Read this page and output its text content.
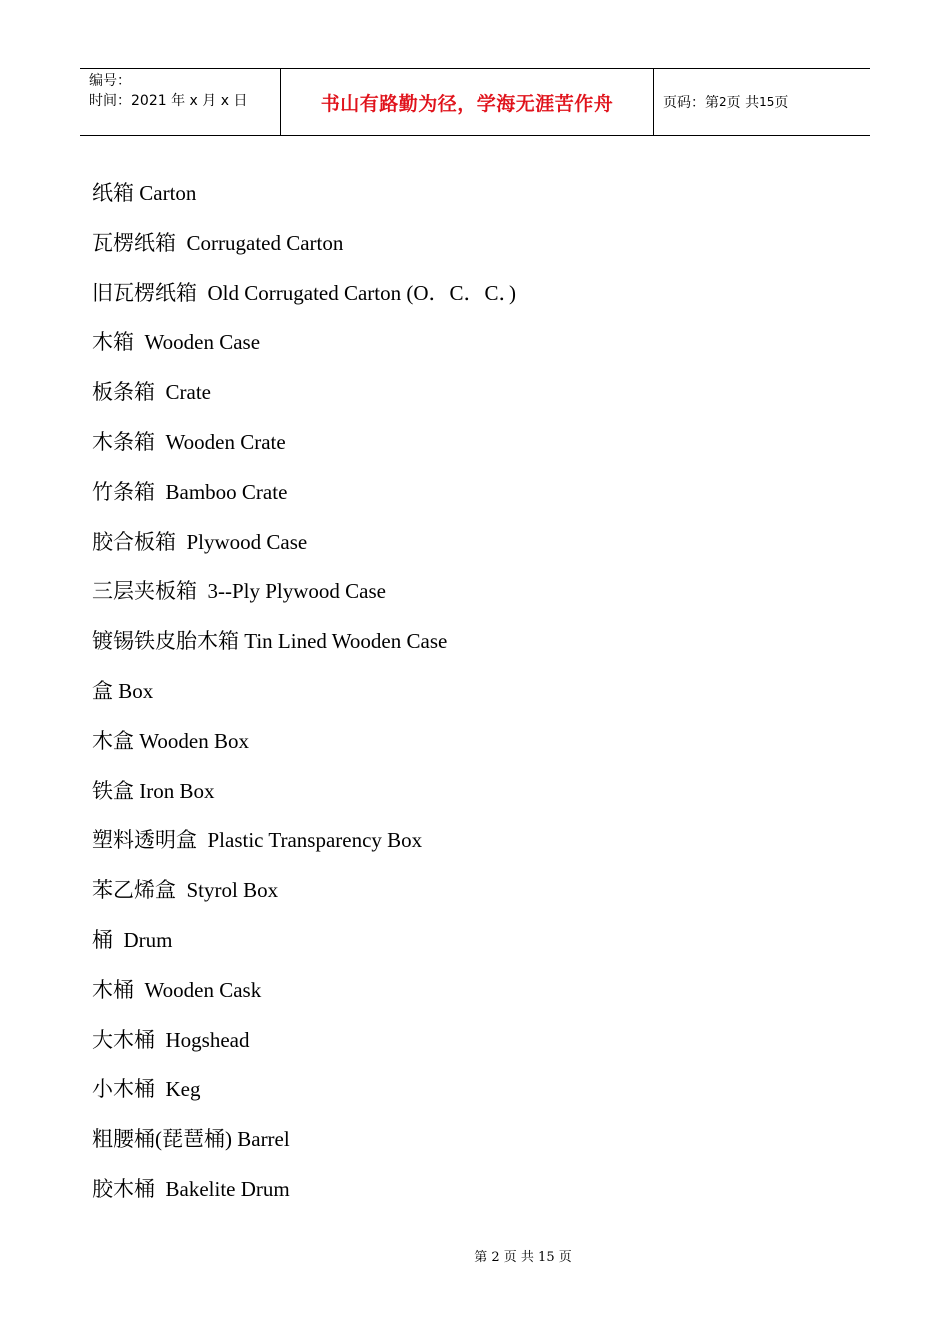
编号：
时间：2021 年 x 月 x 日	书山有路勤为径，学海无涯苦作舟	页码：第 2 页 共 15 页
纸箱 Carton
瓦楞纸箱  Corrugated Carton
旧瓦楞纸箱  Old Corrugated Carton (O．C．C．)
木箱  Wooden Case
板条箱  Crate
木条箱  Wooden Crate
竹条箱  Bamboo Crate
胶合板箱  Plywood Case
三层夹板箱  3--Ply Plywood Case
镀锡铁皮胎木箱 Tin Lined Wooden Case
盒 Box
木盒 Wooden Box
铁盒 Iron Box
塑料透明盒  Plastic Transparency Box
苯乙烯盒  Styrol Box
桶  Drum
木桶  Wooden Cask
大木桶  Hogshead
小木桶  Keg
粗腰桶(琵琶桶) Barrel
胶木桶  Bakelite Drum
第 2 页 共 15 页
